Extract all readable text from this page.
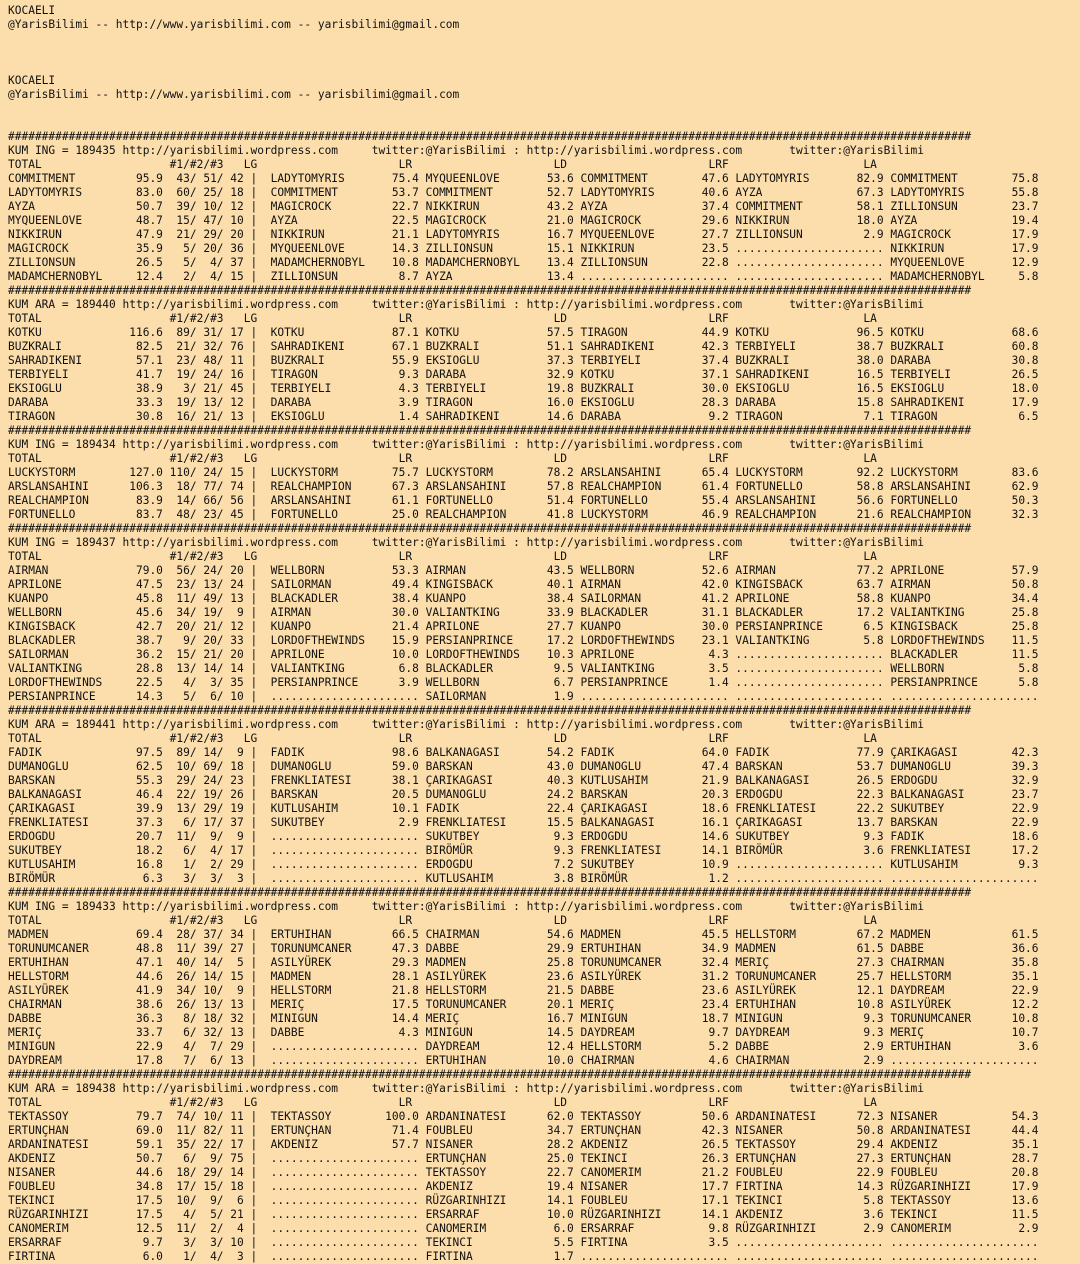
KOCAELI
@YarisBilimi -- http://www.yarisbilimi.com -- yarisbilimi@gmail.com
KOCAELI
@YarisBilimi -- http://www.yarisbilimi.com -- yarisbilimi@gmail.com
###############################################################################################################################################
KUM ING = 189435 http://yarisbilimi.wordpress.com     twitter:@YarisBilimi : http://yarisbilimi.wordpress.com       twitter:@YarisBilimi
TOTAL                   #1/#2/#3   LG                     LR                     LD                     LRF                    LA
COMMITMENT         95.9  43/ 51/ 42 |  LADYTOMYRIS       75.4 MYQUEENLOVE       53.6 COMMITMENT        47.6 LADYTOMYRIS       82.9 COMMITMENT        75.8
LADYTOMYRIS        83.0  60/ 25/ 18 |  COMMITMENT        53.7 COMMITMENT        52.7 LADYTOMYRIS       40.6 AYZA              67.3 LADYTOMYRIS       55.8
AYZA               50.7  39/ 10/ 12 |  MAGICROCK         22.7 NIKKIRUN          43.2 AYZA              37.4 COMMITMENT        58.1 ZILLIONSUN        23.7
MYQUEENLOVE        48.7  15/ 47/ 10 |  AYZA              22.5 MAGICROCK         21.0 MAGICROCK         29.6 NIKKIRUN          18.0 AYZA              19.4
NIKKIRUN           47.9  21/ 29/ 20 |  NIKKIRUN          21.1 LADYTOMYRIS       16.7 MYQUEENLOVE       27.7 ZILLIONSUN         2.9 MAGICROCK         17.9
MAGICROCK          35.9   5/ 20/ 36 |  MYQUEENLOVE       14.3 ZILLIONSUN        15.1 NIKKIRUN          23.5 ...................... NIKKIRUN          17.9
ZILLIONSUN         26.5   5/  4/ 37 |  MADAMCHERNOBYL    10.8 MADAMCHERNOBYL    13.4 ZILLIONSUN        22.8 ...................... MYQUEENLOVE       12.9
MADAMCHERNOBYL     12.4   2/  4/ 15 |  ZILLIONSUN         8.7 AYZA              13.4 ...................... ...................... MADAMCHERNOBYL     5.8
###############################################################################################################################################
KUM ARA = 189440 http://yarisbilimi.wordpress.com     twitter:@YarisBilimi : http://yarisbilimi.wordpress.com       twitter:@YarisBilimi
TOTAL                   #1/#2/#3   LG                     LR                     LD                     LRF                    LA
KOTKU             116.6  89/ 31/ 17 |  KOTKU             87.1 KOTKU             57.5 TIRAGON           44.9 KOTKU             96.5 KOTKU             68.6
BUZKRALI           82.5  21/ 32/ 76 |  SAHRADIKENI       67.1 BUZKRALI          51.1 SAHRADIKENI       42.3 TERBIYELI         38.7 BUZKRALI          60.8
SAHRADIKENI        57.1  23/ 48/ 11 |  BUZKRALI          55.9 EKSIOGLU          37.3 TERBIYELI         37.4 BUZKRALI          38.0 DARABA            30.8
TERBIYELI          41.7  19/ 24/ 16 |  TIRAGON            9.3 DARABA            32.9 KOTKU             37.1 SAHRADIKENI       16.5 TERBIYELI         26.5
EKSIOGLU           38.9   3/ 21/ 45 |  TERBIYELI          4.3 TERBIYELI         19.8 BUZKRALI          30.0 EKSIOGLU          16.5 EKSIOGLU          18.0
DARABA             33.3  19/ 13/ 12 |  DARABA             3.9 TIRAGON           16.0 EKSIOGLU          28.3 DARABA            15.8 SAHRADIKENI       17.9
TIRAGON            30.8  16/ 21/ 13 |  EKSIOGLU           1.4 SAHRADIKENI       14.6 DARABA             9.2 TIRAGON            7.1 TIRAGON            6.5
###############################################################################################################################################
KUM ING = 189434 http://yarisbilimi.wordpress.com     twitter:@YarisBilimi : http://yarisbilimi.wordpress.com       twitter:@YarisBilimi
TOTAL                   #1/#2/#3   LG                     LR                     LD                     LRF                    LA
LUCKYSTORM        127.0 110/ 24/ 15 |  LUCKYSTORM        75.7 LUCKYSTORM        78.2 ARSLANSAHINI      65.4 LUCKYSTORM        92.2 LUCKYSTORM        83.6
ARSLANSAHINI      106.3  18/ 77/ 74 |  REALCHAMPION      67.3 ARSLANSAHINI      57.8 REALCHAMPION      61.4 FORTUNELLO        58.8 ARSLANSAHINI      62.9
REALCHAMPION       83.9  14/ 66/ 56 |  ARSLANSAHINI      61.1 FORTUNELLO        51.4 FORTUNELLO        55.4 ARSLANSAHINI      56.6 FORTUNELLO        50.3
FORTUNELLO         83.7  48/ 23/ 45 |  FORTUNELLO        25.0 REALCHAMPION      41.8 LUCKYSTORM        46.9 REALCHAMPION      21.6 REALCHAMPION      32.3
###############################################################################################################################################
KUM ING = 189437 http://yarisbilimi.wordpress.com     twitter:@YarisBilimi : http://yarisbilimi.wordpress.com       twitter:@YarisBilimi
TOTAL                   #1/#2/#3   LG                     LR                     LD                     LRF                    LA
AIRMAN             79.0  56/ 24/ 20 |  WELLBORN          53.3 AIRMAN            43.5 WELLBORN          52.6 AIRMAN            77.2 APRILONE          57.9
APRILONE           47.5  23/ 13/ 24 |  SAILORMAN         49.4 KINGISBACK        40.1 AIRMAN            42.0 KINGISBACK        63.7 AIRMAN            50.8
KUANPO             45.8  11/ 49/ 13 |  BLACKADLER        38.4 KUANPO            38.4 SAILORMAN         41.2 APRILONE          58.8 KUANPO            34.4
WELLBORN           45.6  34/ 19/  9 |  AIRMAN            30.0 VALIANTKING       33.9 BLACKADLER        31.1 BLACKADLER        17.2 VALIANTKING       25.8
KINGISBACK         42.7  20/ 21/ 12 |  KUANPO            21.4 APRILONE          27.7 KUANPO            30.0 PERSIANPRINCE      6.5 KINGISBACK        25.8
BLACKADLER         38.7   9/ 20/ 33 |  LORDOFTHEWINDS    15.9 PERSIANPRINCE     17.2 LORDOFTHEWINDS    23.1 VALIANTKING        5.8 LORDOFTHEWINDS    11.5
SAILORMAN          36.2  15/ 21/ 20 |  APRILONE          10.0 LORDOFTHEWINDS    10.3 APRILONE           4.3 ...................... BLACKADLER        11.5
VALIANTKING        28.8  13/ 14/ 14 |  VALIANTKING        6.8 BLACKADLER         9.5 VALIANTKING        3.5 ...................... WELLBORN           5.8
LORDOFTHEWINDS     22.5   4/  3/ 35 |  PERSIANPRINCE      3.9 WELLBORN           6.7 PERSIANPRINCE      1.4 ...................... PERSIANPRINCE      5.8
PERSIANPRINCE      14.3   5/  6/ 10 |  ...................... SAILORMAN          1.9 ...................... ...................... ......................
###############################################################################################################################################
KUM ARA = 189441 http://yarisbilimi.wordpress.com     twitter:@YarisBilimi : http://yarisbilimi.wordpress.com       twitter:@YarisBilimi
TOTAL                   #1/#2/#3   LG                     LR                     LD                     LRF                    LA
FADIK              97.5  89/ 14/  9 |  FADIK             98.6 BALKANAGASI       54.2 FADIK             64.0 FADIK             77.9 ÇARIKAGASI        42.3
DUMANOGLU          62.5  10/ 69/ 18 |  DUMANOGLU         59.0 BARSKAN           43.0 DUMANOGLU         47.4 BARSKAN           53.7 DUMANOGLU         39.3
BARSKAN            55.3  29/ 24/ 23 |  FRENKLIATESI      38.1 ÇARIKAGASI        40.3 KUTLUSAHIM        21.9 BALKANAGASI       26.5 ERDOGDU           32.9
BALKANAGASI        46.4  22/ 19/ 26 |  BARSKAN           20.5 DUMANOGLU         24.2 BARSKAN           20.3 ERDOGDU           22.3 BALKANAGASI       23.7
ÇARIKAGASI         39.9  13/ 29/ 19 |  KUTLUSAHIM        10.1 FADIK             22.4 ÇARIKAGASI        18.6 FRENKLIATESI      22.2 SUKUTBEY          22.9
FRENKLIATESI       37.3   6/ 17/ 37 |  SUKUTBEY           2.9 FRENKLIATESI      15.5 BALKANAGASI       16.1 ÇARIKAGASI        13.7 BARSKAN           22.9
ERDOGDU            20.7  11/  9/  9 |  ...................... SUKUTBEY           9.3 ERDOGDU           14.6 SUKUTBEY           9.3 FADIK             18.6
SUKUTBEY           18.2   6/  4/ 17 |  ...................... BIRÖMÜR            9.3 FRENKLIATESI      14.1 BIRÖMÜR            3.6 FRENKLIATESI      17.2
KUTLUSAHIM         16.8   1/  2/ 29 |  ...................... ERDOGDU            7.2 SUKUTBEY          10.9 ...................... KUTLUSAHIM         9.3
BIRÖMÜR             6.3   3/  3/  3 |  ...................... KUTLUSAHIM         3.8 BIRÖMÜR            1.2 ...................... ......................
###############################################################################################################################################
KUM ING = 189433 http://yarisbilimi.wordpress.com     twitter:@YarisBilimi : http://yarisbilimi.wordpress.com       twitter:@YarisBilimi
TOTAL                   #1/#2/#3   LG                     LR                     LD                     LRF                    LA
MADMEN             69.4  28/ 37/ 34 |  ERTUHIHAN         66.5 CHAIRMAN          54.6 MADMEN            45.5 HELLSTORM         67.2 MADMEN            61.5
TORUNUMCANER       48.8  11/ 39/ 27 |  TORUNUMCANER      47.3 DABBE             29.9 ERTUHIHAN         34.9 MADMEN            61.5 DABBE             36.6
ERTUHIHAN          47.1  40/ 14/  5 |  ASILYÜREK         29.3 MADMEN            25.8 TORUNUMCANER      32.4 MERIÇ             27.3 CHAIRMAN          35.8
HELLSTORM          44.6  26/ 14/ 15 |  MADMEN            28.1 ASILYÜREK         23.6 ASILYÜREK         31.2 TORUNUMCANER      25.7 HELLSTORM         35.1
ASILYÜREK          41.9  34/ 10/  9 |  HELLSTORM         21.8 HELLSTORM         21.5 DABBE             23.6 ASILYÜREK         12.1 DAYDREAM          22.9
CHAIRMAN           38.6  26/ 13/ 13 |  MERIÇ             17.5 TORUNUMCANER      20.1 MERIÇ             23.4 ERTUHIHAN         10.8 ASILYÜREK         12.2
DABBE              36.3   8/ 18/ 32 |  MINIGUN           14.4 MERIÇ             16.7 MINIGUN           18.7 MINIGUN            9.3 TORUNUMCANER      10.8
MERIÇ              33.7   6/ 32/ 13 |  DABBE              4.3 MINIGUN           14.5 DAYDREAM           9.7 DAYDREAM           9.3 MERIÇ             10.7
MINIGUN            22.9   4/  7/ 29 |  ...................... DAYDREAM          12.4 HELLSTORM          5.2 DABBE              2.9 ERTUHIHAN          3.6
DAYDREAM           17.8   7/  6/ 13 |  ...................... ERTUHIHAN         10.0 CHAIRMAN           4.6 CHAIRMAN           2.9 ......................
###############################################################################################################################################
KUM ARA = 189438 http://yarisbilimi.wordpress.com     twitter:@YarisBilimi : http://yarisbilimi.wordpress.com       twitter:@YarisBilimi
TOTAL                   #1/#2/#3   LG                     LR                     LD                     LRF                    LA
TEKTASSOY          79.7  74/ 10/ 11 |  TEKTASSOY        100.0 ARDANINATESI      62.0 TEKTASSOY         50.6 ARDANINATESI      72.3 NISANER           54.3
ERTUNÇHAN          69.0  11/ 82/ 11 |  ERTUNÇHAN         71.4 FOUBLEU           34.7 ERTUNÇHAN         42.3 NISANER           50.8 ARDANINATESI      44.4
ARDANINATESI       59.1  35/ 22/ 17 |  AKDENIZ           57.7 NISANER           28.2 AKDENIZ           26.5 TEKTASSOY         29.4 AKDENIZ           35.1
AKDENIZ            50.7   6/  9/ 75 |  ...................... ERTUNÇHAN         25.0 TEKINCI           26.3 ERTUNÇHAN         27.3 ERTUNÇHAN         28.7
NISANER            44.6  18/ 29/ 14 |  ...................... TEKTASSOY         22.7 CANOMERIM         21.2 FOUBLEU           22.9 FOUBLEU           20.8
FOUBLEU            34.8  17/ 15/ 18 |  ...................... AKDENIZ           19.4 NISANER           17.7 FIRTINA           14.3 RÜZGARINHIZI      17.9
TEKINCI            17.5  10/  9/  6 |  ...................... RÜZGARINHIZI      14.1 FOUBLEU           17.1 TEKINCI            5.8 TEKTASSOY         13.6
RÜZGARINHIZI       17.5   4/  5/ 21 |  ...................... ERSARRAF          10.0 RÜZGARINHIZI      14.1 AKDENIZ            3.6 TEKINCI           11.5
CANOMERIM          12.5  11/  2/  4 |  ...................... CANOMERIM          6.0 ERSARRAF           9.8 RÜZGARINHIZI       2.9 CANOMERIM          2.9
ERSARRAF            9.7   3/  3/ 10 |  ...................... TEKINCI            5.5 FIRTINA            3.5 ...................... ......................
FIRTINA             6.0   1/  4/  3 |  ...................... FIRTINA            1.7 ...................... ...................... ......................
